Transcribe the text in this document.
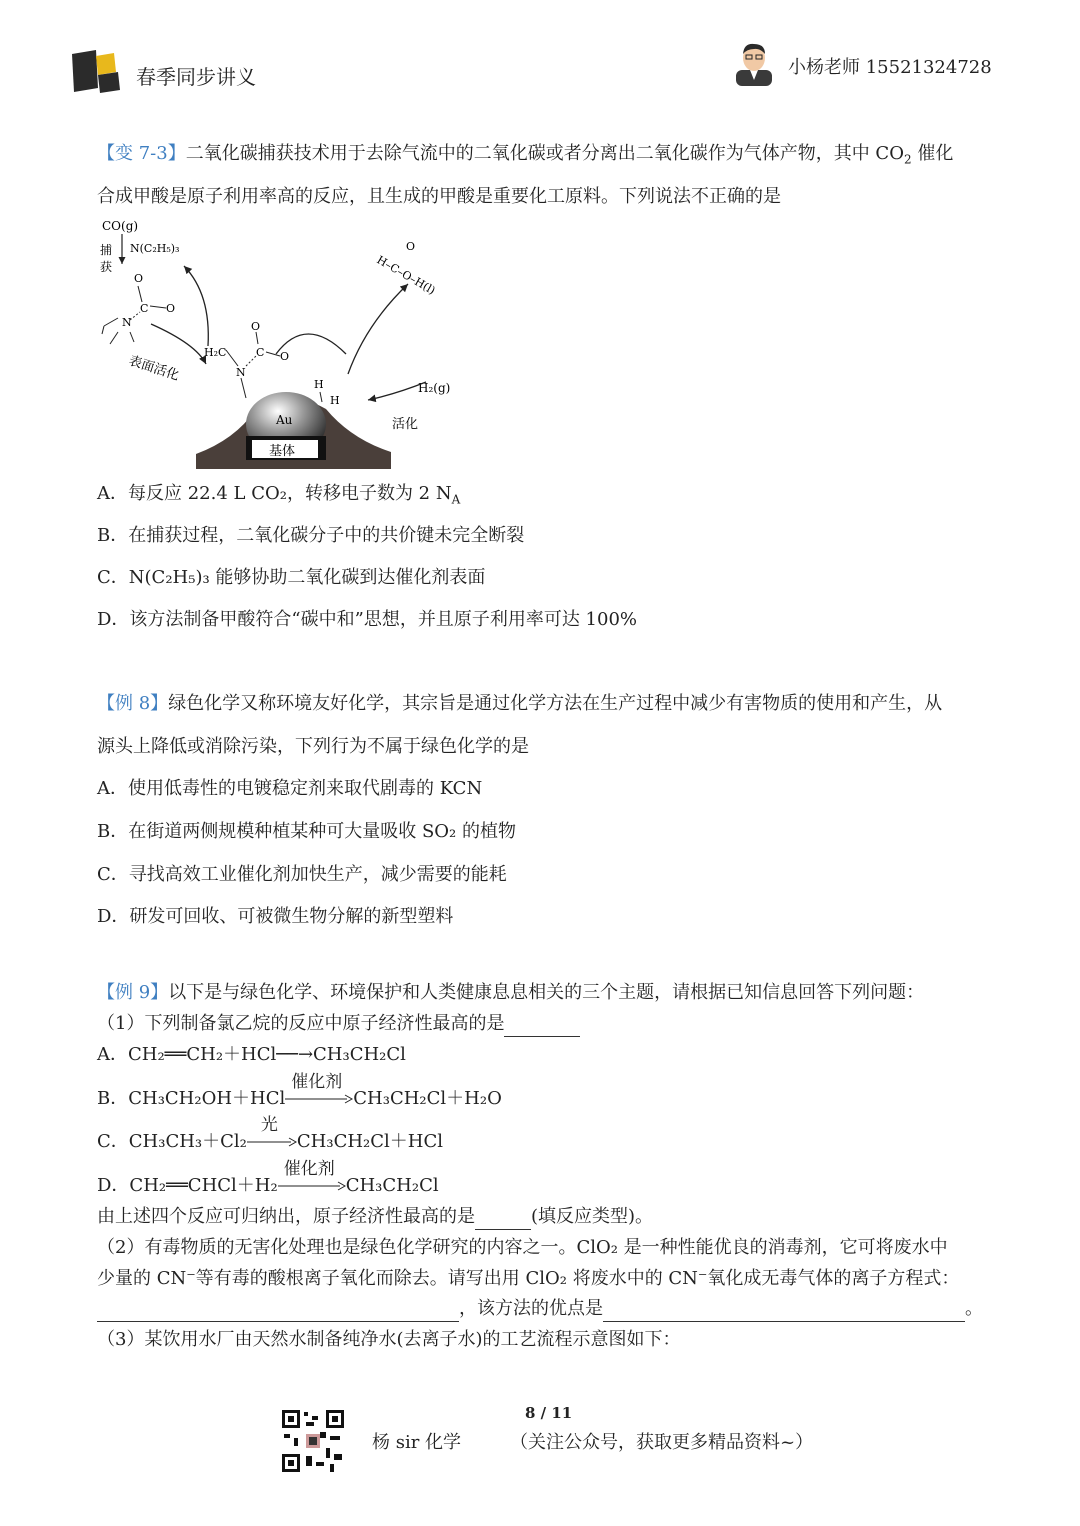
春季同步讲义	小杨老师 15521324728
【变 7-3】二氧化碳捕获技术用于去除气流中的二氧化碳或者分离出二氧化碳作为气体产物，其中 $CO_2$ 催化
合成甲酸是原子利用率高的反应，且生成的甲酸是重要化工原料。下列说法不正确的是
基体
Au
CO(g)
N(C₂H₅)₃
捕
获
O
C O
N
表面活化
H₂C
N
C
O
O
H
H
O
H–C–O–H(l)
H₂(g)
活化
A．每反应 22.4 L CO₂，转移电子数为 2 $N_A$
B．在捕获过程，二氧化碳分子中的共价键未完全断裂
C．N(C₂H₅)₃ 能够协助二氧化碳到达催化剂表面
D．该方法制备甲酸符合“碳中和”思想，并且原子利用率可达 100%
【例 8】绿色化学又称环境友好化学，其宗旨是通过化学方法在生产过程中减少有害物质的使用和产生，从
源头上降低或消除污染，下列行为不属于绿色化学的是
A．使用低毒性的电镀稳定剂来取代剧毒的 KCN
B．在街道两侧规模种植某种可大量吸收 SO₂ 的植物
C．寻找高效工业催化剂加快生产，减少需要的能耗
D．研发可回收、可被微生物分解的新型塑料
【例 9】以下是与绿色化学、环境保护和人类健康息息相关的三个主题，请根据已知信息回答下列问题：
（1）下列制备氯乙烷的反应中原子经济性最高的是
A．CH₂══CH₂＋HCl──→CH₃CH₂Cl
B．CH₃CH₂OH＋HCl
催化剂
CH₃CH₂Cl＋H₂O
C．CH₃CH₃＋Cl₂
光
CH₃CH₂Cl＋HCl
D．CH₂══CHCl＋H₂
催化剂
CH₃CH₂Cl
由上述四个反应可归纳出，原子经济性最高的是	(填反应类型)。
（2）有毒物质的无害化处理也是绿色化学研究的内容之一。ClO₂ 是一种性能优良的消毒剂，它可将废水中
少量的 CN⁻等有毒的酸根离子氧化而除去。请写出用 ClO₂ 将废水中的 CN⁻氧化成无毒气体的离子方程式：
，该方法的优点是	。
（3）某饮用水厂由天然水制备纯净水(去离子水)的工艺流程示意图如下：
8 / 11
杨 sir 化学	（关注公众号，获取更多精品资料~）
